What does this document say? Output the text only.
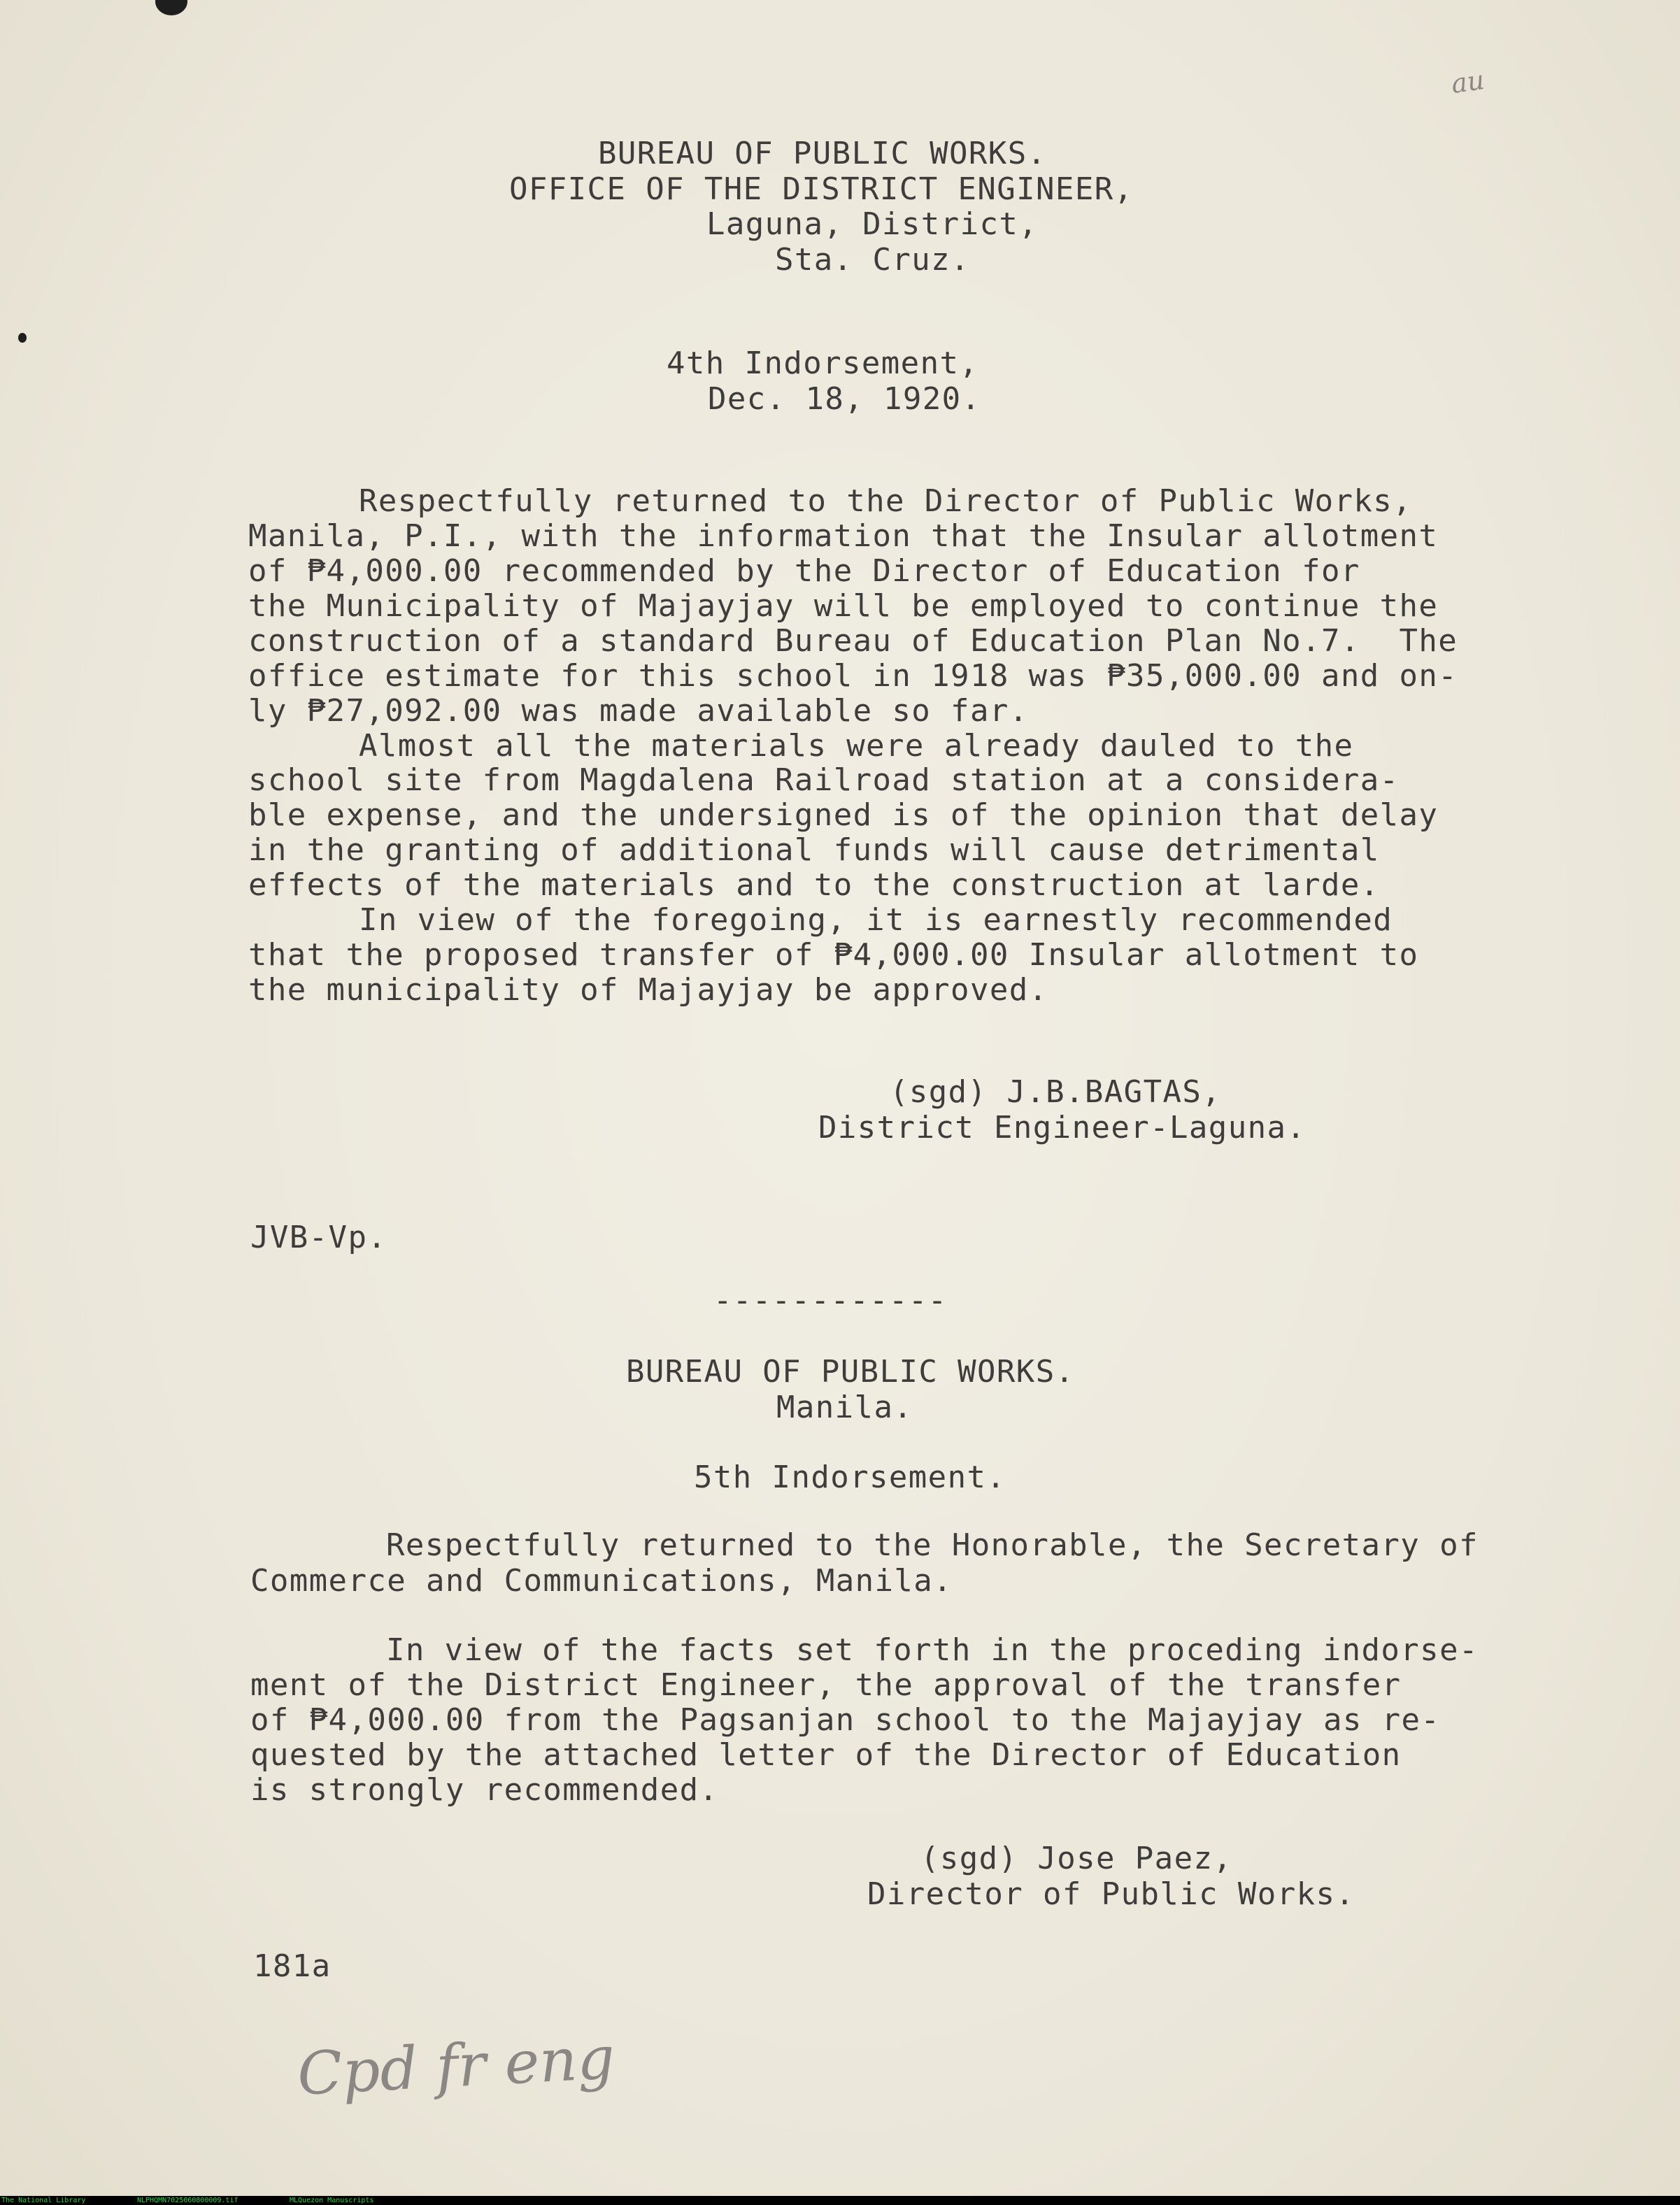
au
BUREAU OF PUBLIC WORKS.
OFFICE OF THE DISTRICT ENGINEER,
Laguna, District,
Sta. Cruz.
4th Indorsement,
Dec. 18, 1920.
Respectfully returned to the Director of Public Works,
Manila, P.I., with the information that the Insular allotment
of ₱4,000.00 recommended by the Director of Education for
the Municipality of Majayjay will be employed to continue the
construction of a standard Bureau of Education Plan No.7.  The
office estimate for this school in 1918 was ₱35,000.00 and on-
ly ₱27,092.00 was made available so far.
Almost all the materials were already dauled to the
school site from Magdalena Railroad station at a considera-
ble expense, and the undersigned is of the opinion that delay
in the granting of additional funds will cause detrimental
effects of the materials and to the construction at larde.
In view of the foregoing, it is earnestly recommended
that the proposed transfer of ₱4,000.00 Insular allotment to
the municipality of Majayjay be approved.
(sgd) J.B.BAGTAS,
District Engineer-Laguna.
JVB-Vp.
------------
BUREAU OF PUBLIC WORKS.
Manila.
5th Indorsement.
Respectfully returned to the Honorable, the Secretary of
Commerce and Communications, Manila.
In view of the facts set forth in the proceding indorse-
ment of the District Engineer, the approval of the transfer
of ₱4,000.00 from the Pagsanjan school to the Majayjay as re-
quested by the attached letter of the Director of Education
is strongly recommended.
(sgd) Jose Paez,
Director of Public Works.
181a
Cpd fr eng
The National Library	NLPHQMN7025060800009.tif	MLQuezon Manuscripts
